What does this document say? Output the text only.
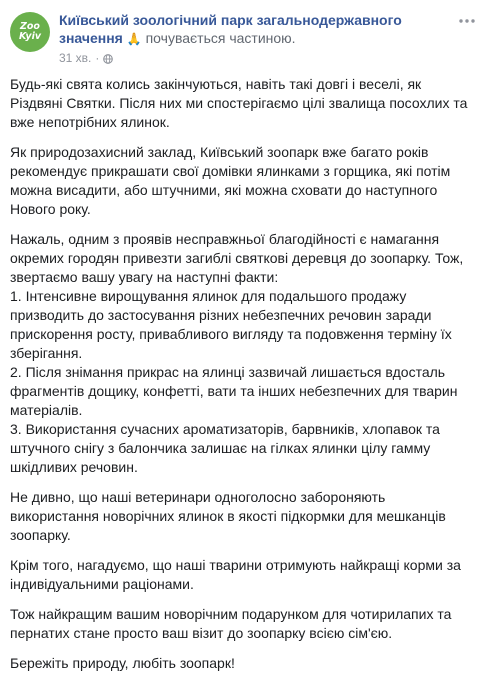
Zoo
Kyiv
Київський зоологічний парк загальнодержавного значення 🙏 почувається частиною.
31 хв. ·

Будь-які свята колись закінчуються, навіть такі довгі і веселі, як Різдвяні Святки. Після них ми спостерігаємо цілі звалища посохлих та вже непотрібних ялинок.

Як природозахисний заклад, Київський зоопарк вже багато років рекомендує прикрашати свої домівки ялинками з горщика, які потім можна висадити, або штучними, які можна сховати до наступного Нового року.

Нажаль, одним з проявів несправжньої благодійності є намагання окремих городян привезти загиблі святкові деревця до зоопарку. Тож, звертаємо вашу увагу на наступні факти:

1. Інтенсивне вирощування ялинок для подальшого продажу призводить до застосування різних небезпечних речовин заради прискорення росту, привабливого вигляду та подовження терміну їх зберігання.

2. Після знімання прикрас на ялинці зазвичай лишається вдосталь фрагментів дощику, конфетті, вати та інших небезпечних для тварин матеріалів.

3. Використання сучасних ароматизаторів, барвників, хлопавок та штучного снігу з балончика залишає на гілках ялинки цілу гамму шкідливих речовин.

Не дивно, що наші ветеринари одноголосно забороняють використання новорічних ялинок в якості підкормки для мешканців зоопарку.

Крім того, нагадуємо, що наші тварини отримують найкращі корми за індивідуальними раціонами.

Тож найкращим вашим новорічним подарунком для чотирилапих та пернатих стане просто ваш візит до зоопарку всією сім'єю.

Бережіть природу, любіть зоопарк!
